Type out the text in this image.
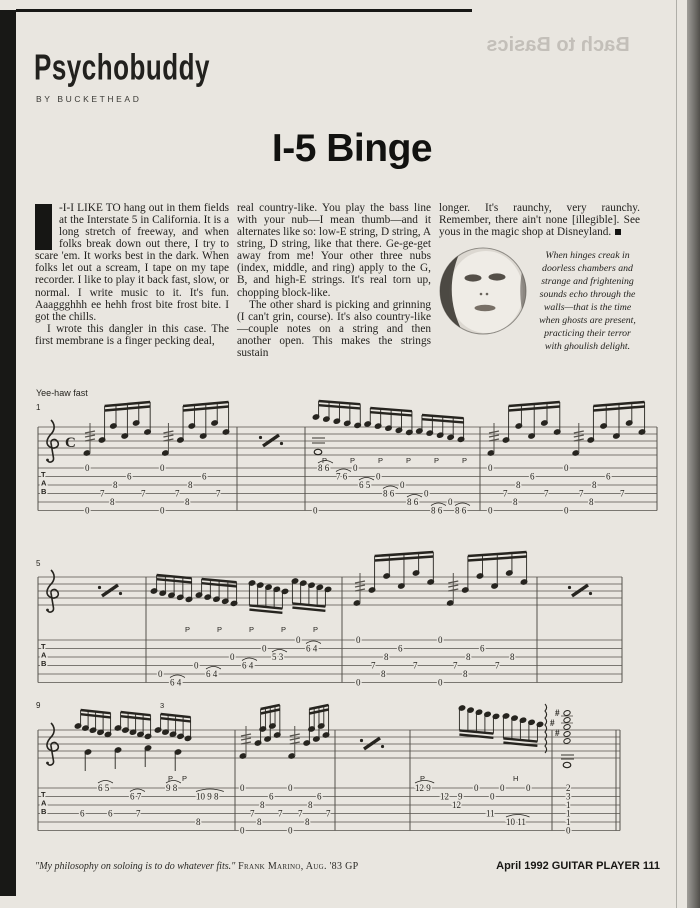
Bach to Basics
Psychobuddy
BY BUCKETHEAD
I-5 Binge

-I-I LIKE TO hang out in them fields at the Interstate 5 in California. It is a long stretch of freeway, and when folks break down out there, I try to scare 'em. It works best in the dark. When folks let out a scream, I tape on my tape recorder. I like to play it back fast, slow, or normal. I write music to it. It's fun. Aaaggghhh ee hehh frost bite frost bite. I got the chills.

I wrote this dangler in this case. The first membrane is a finger pecking deal,

real country-like. You play the bass line with your nub—I mean thumb—and it alternates like so: low-E string, D string, A string, D string, like that there. Ge-ge-get away from me! Your other three nubs (index, middle, and ring) apply to the G, B, and high-E strings. It's real torn up, chopping block-like.

The other shard is picking and grinning (I can't grin, course). It's also country-like—couple notes on a string and then another open. This makes the strings sustain

longer. It's raunchy, very raunchy. Remember, there ain't none [illegible]. See yous in the magic shop at Disneyland.

When hinges creak in doorless chambers and strange and frightening sounds echo through the walls—that is the time when ghosts are present, practicing their terror with ghoulish delight.
Yee-haw fast
1
C
T
A
B
P	P	P	P	P	P
0
0
7
8
8
6
7
0
0
7
8
8
6
7
0
8 6
7 6
0
6 5
0
8 6
0
8 6
0
8 6
0
8 6
0
0
7
8
8
6
7
0
0
7
8
8
6
7
5
T
A
B
P	P	P	P	P
0
6 4
0
6 4
0
6 4
0
5 3
0
6 4
0
0
7
8
8
6
7
0
0
7
8
8
6
7
8
9
T
A
B
#
#
#
3
P P	P	H
6 5
6 7
9 8
10 9 8
6	6	7
8
0
0
7
8
8
6
7
0
0
7
8
8
6
7
12 9
12 9
12
0
0
11
0
10 11
0	2
3
1
1
1
0
"My philosophy on soloing is to do whatever fits." Frank Marino, Aug. '83 GP	April 1992 GUITAR PLAYER 111
